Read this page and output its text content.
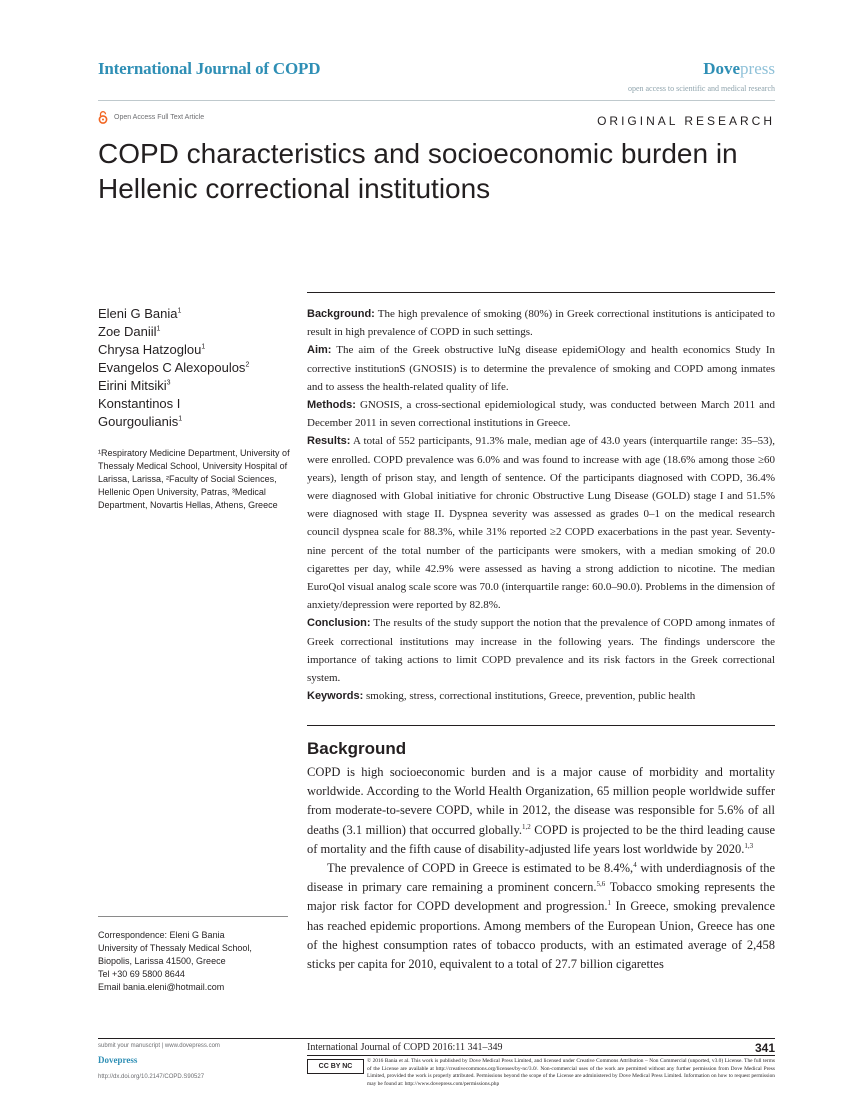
International Journal of COPD	Dovepress
open access to scientific and medical research
Open Access Full Text Article	ORIGINAL RESEARCH
COPD characteristics and socioeconomic burden in Hellenic correctional institutions
Eleni G Bania$^1$
Zoe Daniil$^1$
Chrysa Hatzoglou$^1$
Evangelos C Alexopoulos$^2$
Eirini Mitsiki$^3$
Konstantinos I
Gourgoulianis$^1$
¹Respiratory Medicine Department, University of Thessaly Medical School, University Hospital of Larissa, Larissa, ²Faculty of Social Sciences, Hellenic Open University, Patras, ³Medical Department, Novartis Hellas, Athens, Greece
Correspondence: Eleni G Bania
University of Thessaly Medical School,
Biopolis, Larissa 41500, Greece
Tel +30 69 5800 8644
Email bania.eleni@hotmail.com

Background: The high prevalence of smoking (80%) in Greek correctional institutions is anticipated to result in high prevalence of COPD in such settings.

Aim: The aim of the Greek obstructive luNg disease epidemiOlogy and health economics Study In corrective institutionS (GNOSIS) is to determine the prevalence of smoking and COPD among inmates and to assess the health-related quality of life.

Methods: GNOSIS, a cross-sectional epidemiological study, was conducted between March 2011 and December 2011 in seven correctional institutions in Greece.

Results: A total of 552 participants, 91.3% male, median age of 43.0 years (interquartile range: 35–53), were enrolled. COPD prevalence was 6.0% and was found to increase with age (18.6% among those ≥60 years), length of prison stay, and length of sentence. Of the participants diagnosed with COPD, 36.4% were diagnosed with Global initiative for chronic Obstructive Lung Disease (GOLD) stage I and 51.5% were diagnosed with stage II. Dyspnea severity was assessed as grades 0–1 on the medical research council dyspnea scale for 88.3%, while 31% reported ≥2 COPD exacerbations in the past year. Seventy-nine percent of the total number of the participants were smokers, with a median smoking of 20.0 cigarettes per day, while 42.9% were assessed as having a strong addiction to nicotine. The median EuroQol visual analog scale score was 70.0 (interquartile range: 60.0–90.0). Problems in the dimension of anxiety/depression were reported by 82.8%.

Conclusion: The results of the study support the notion that the prevalence of COPD among inmates of Greek correctional institutions may increase in the following years. The findings underscore the importance of taking actions to limit COPD prevalence and its risk factors in the Greek correctional system.

Keywords: smoking, stress, correctional institutions, Greece, prevention, public health

Background

COPD is high socioeconomic burden and is a major cause of morbidity and mortality worldwide. According to the World Health Organization, 65 million people worldwide suffer from moderate-to-severe COPD, while in 2012, the disease was responsible for 5.6% of all deaths (3.1 million) that occurred globally.$^{1,2}$ COPD is projected to be the third leading cause of mortality and the fifth cause of disability-adjusted life years lost worldwide by 2020.$^{1,3}$

The prevalence of COPD in Greece is estimated to be 8.4%,$^4$ with underdiagnosis of the disease in primary care remaining a prominent concern.$^{5,6}$ Tobacco smoking represents the major risk factor for COPD development and progression.$^1$ In Greece, smoking prevalence has reached epidemic proportions. Among members of the European Union, Greece has one of the highest consumption rates of tobacco products, with an estimated average of 2,458 sticks per capita for 2010, equivalent to a total of 27.7 billion cigarettes

submit your manuscript | www.dovepress.com
Dovepress
http://dx.doi.org/10.2147/COPD.S90527
International Journal of COPD 2016:11 341–349	341
CC BY NC
© 2016 Bania et al. This work is published by Dove Medical Press Limited, and licensed under Creative Commons Attribution – Non Commercial (unported, v3.0) License. The full terms of the License are available at http://creativecommons.org/licenses/by-nc/3.0/. Non-commercial uses of the work are permitted without any further permission from Dove Medical Press Limited, provided the work is properly attributed. Permissions beyond the scope of the License are administered by Dove Medical Press Limited. Information on how to request permission may be found at: http://www.dovepress.com/permissions.php
